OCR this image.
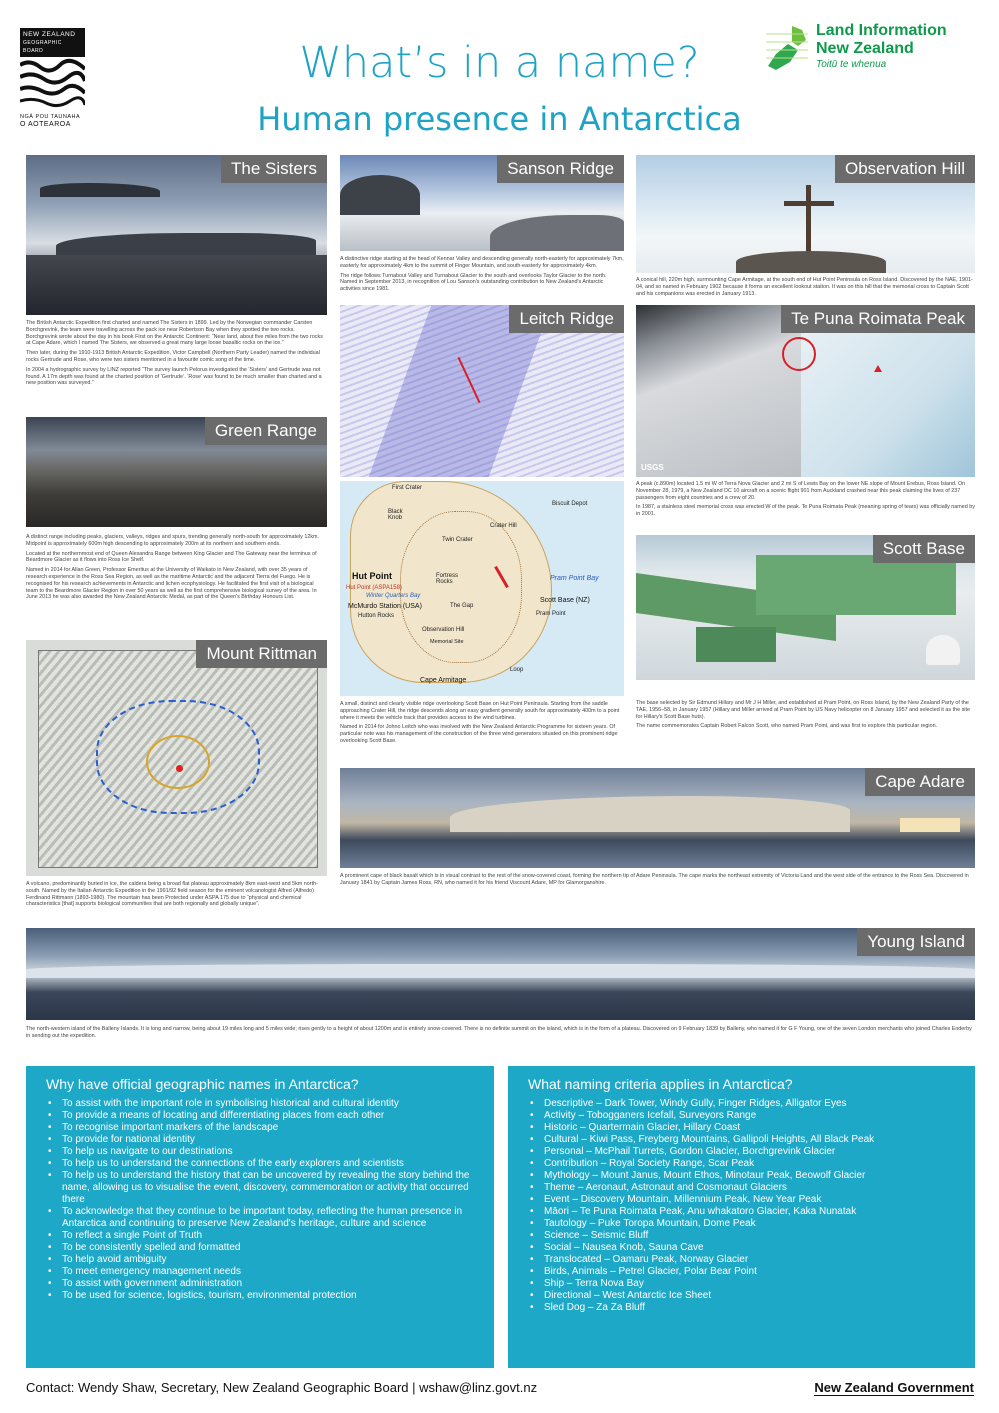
NEW ZEALAND
GEOGRAPHIC BOARD
NGĀ POU TAUNAHA
O AOTEAROA
Land Information
New Zealand
Toitū te whenua
What’s in a name?
Human presence in Antarctica
The Sisters

The British Antarctic Expedition first charted and named The Sisters in 1899. Led by the Norwegian commander Carsten Borchgrevink, the team were travelling across the pack ice near Robertson Bay when they spotted the two rocks. Borchgrevink wrote about the day in his book First on the Antarctic Continent: “Near land, about five miles from the two rocks at Cape Adare, which I named The Sisters, we observed a great many large loose basaltic rocks on the ice.”

Then later, during the 1910-1913 British Antarctic Expedition, Victor Campbell (Northern Party Leader) named the individual rocks Gertrude and Rose, who were two sisters mentioned in a favourite comic song of the time.

In 2004 a hydrographic survey by LINZ reported “The survey launch Pelorus investigated the ‘Sisters’ and Gertrude was not found. A 17m depth was found at the charted position of ‘Gertrude’. ‘Rose’ was found to be much smaller than charted and a new position was surveyed.”

Green Range

A distinct range including peaks, glaciers, valleys, ridges and spurs, trending generally north-south for approximately 12km. Midpoint is approximately 600m high descending to approximately 200m at its northern and southern ends.

Located at the northernmost end of Queen Alexandra Range between King Glacier and The Gateway near the terminus of Beardmore Glacier as it flows into Ross Ice Shelf.

Named in 2014 for Allan Green, Professor Emeritus at the University of Waikato in New Zealand, with over 35 years of research experience in the Ross Sea Region, as well as the maritime Antarctic and the adjacent Tierra del Fuego. He is recognised for his research achievements in Antarctic and lichen ecophysiology. He facilitated the first visit of a biological team to the Beardmore Glacier Region in over 50 years as well as the first comprehensive biological survey of the area. In June 2013 he was also awarded the New Zealand Antarctic Medal, as part of the Queen's Birthday Honours List.

Mount Rittman

A volcano, predominantly buried in ice, the caldera being a broad flat plateau approximately 8km east-west and 5km north-south. Named by the Italian Antarctic Expedition in the 1991/92 field season for the eminent volcanologist Alfred (Alfredo) Ferdinand Rittmann (1893-1980). The mountain has been Protected under ASPA 175 due to “physical and chemical characteristics [that] supports biological communities that are both regionally and globally unique”.

Sanson Ridge

A distinctive ridge starting at the head of Kennar Valley and descending generally north-easterly for approximately 7km, easterly for approximately 4km to the summit of Finger Mountain, and south-easterly for approximately 4km.

The ridge follows Turnabout Valley and Turnabout Glacier to the south and overlooks Taylor Glacier to the north. Named in September 2013, in recognition of Lou Sanson's outstanding contribution to New Zealand's Antarctic activities since 1981.

Leitch Ridge
First Crater
Black Knob
Crater Hill
Twin Crater
Biscuit Depot
Hut Point
Hut Point (ASPA158)
Winter Quarters Bay
McMurdo Station (USA)
Hutton Rocks
Fortress Rocks
The Gap
Observation Hill
Memorial Site
Pram Point Bay
Scott Base (NZ)
Pram Point
Cape Armitage
Loop

A small, distinct and clearly visible ridge overlooking Scott Base on Hut Point Peninsula. Starting from the saddle approaching Crater Hill, the ridge descends along an easy gradient generally south for approximately 400m to a point where it meets the vehicle track that provides access to the wind turbines.

Named in 2014 for Johno Leitch who was involved with the New Zealand Antarctic Programme for sixteen years. Of particular note was his management of the construction of the three wind generators situated on this prominent ridge overlooking Scott Base.

Observation Hill

A conical hill, 220m high, surmounting Cape Armitage, at the south end of Hut Point Peninsula on Ross Island. Discovered by the NAE, 1901-04, and so named in February 1902 because it forms an excellent lookout station. It was on this hill that the memorial cross to Captain Scott and his companions was erected in January 1913.

USGS
Te Puna Roimata Peak

A peak (c.890m) located 1.5 mi W of Terra Nova Glacier and 2 mi S of Lewis Bay on the lower NE slope of Mount Erebus, Ross Island. On November 28, 1979, a New Zealand DC 10 aircraft on a scenic flight 901 from Auckland crashed near this peak claiming the lives of 237 passengers from eight countries and a crew of 20.

In 1987, a stainless steel memorial cross was erected W of the peak. Te Puna Roimata Peak (meaning spring of tears) was officially named by in 2001.

Scott Base

The base selected by Sir Edmund Hillary and Mr J H Miller, and established at Pram Point, on Ross Island, by the New Zealand Party of the TAE, 1956–58, in January 1957 (Hillary and Miller arrived at Pram Point by US Navy helicopter on 8 January 1957 and selected it as the site for Hillary's Scott Base huts).

The name commemorates Captain Robert Falcon Scott, who named Pram Point, and was first to explore this particular region.

Cape Adare

A prominent cape of black basalt which is in visual contrast to the rest of the snow-covered coast, forming the northern tip of Adare Peninsula. The cape marks the northeast extremity of Victoria Land and the west side of the entrance to the Ross Sea. Discovered in January 1841 by Captain James Ross, RN, who named it for his friend Viscount Adare, MP for Glamorganshire.

Young Island

The north-western island of the Balleny Islands. It is long and narrow, being about 19 miles long and 5 miles wide; rises gently to a height of about 1200m and is entirely snow-covered. There is no definite summit on the island, which is in the form of a plateau. Discovered on 9 February 1839 by Balleny, who named it for G F Young, one of the seven London merchants who joined Charles Enderby in sending out the expedition.

Why have official geographic names in Antarctica?
• To assist with the important role in symbolising historical and cultural identity
• To provide a means of locating and differentiating places from each other
• To recognise important markers of the landscape
• To provide for national identity
• To help us navigate to our destinations
• To help us to understand the connections of the early explorers and scientists
• To help us to understand the history that can be uncovered by revealing the story behind the name, allowing us to visualise the event, discovery, commemoration or activity that occurred there
• To acknowledge that they continue to be important today, reflecting the human presence in Antarctica and continuing to preserve New Zealand's heritage, culture and science
• To reflect a single Point of Truth
• To be consistently spelled and formatted
• To help avoid ambiguity
• To meet emergency management needs
• To assist with government administration
• To be used for science, logistics, tourism, environmental protection
What naming criteria applies in Antarctica?
• Descriptive – Dark Tower, Windy Gully, Finger Ridges, Alligator Eyes
• Activity – Tobogganers Icefall, Surveyors Range
• Historic – Quartermain Glacier, Hillary Coast
• Cultural – Kiwi Pass, Freyberg Mountains, Gallipoli Heights, All Black Peak
• Personal – McPhail Turrets, Gordon Glacier, Borchgrevink Glacier
• Contribution – Royal Society Range, Scar Peak
• Mythology – Mount Janus, Mount Ethos, Minotaur Peak, Beowolf Glacier
• Theme – Aeronaut, Astronaut and Cosmonaut Glaciers
• Event – Discovery Mountain, Millennium Peak, New Year Peak
• Māori – Te Puna Roimata Peak, Anu whakatoro Glacier, Kaka Nunatak
• Tautology – Puke Toropa Mountain, Dome Peak
• Science – Seismic Bluff
• Social – Nausea Knob, Sauna Cave
• Translocated – Oamaru Peak, Norway Glacier
• Birds, Animals – Petrel Glacier, Polar Bear Point
• Ship – Terra Nova Bay
• Directional – West Antarctic Ice Sheet
• Sled Dog – Za Za Bluff
Contact: Wendy Shaw, Secretary, New Zealand Geographic Board | wshaw@linz.govt.nz	New Zealand Government
